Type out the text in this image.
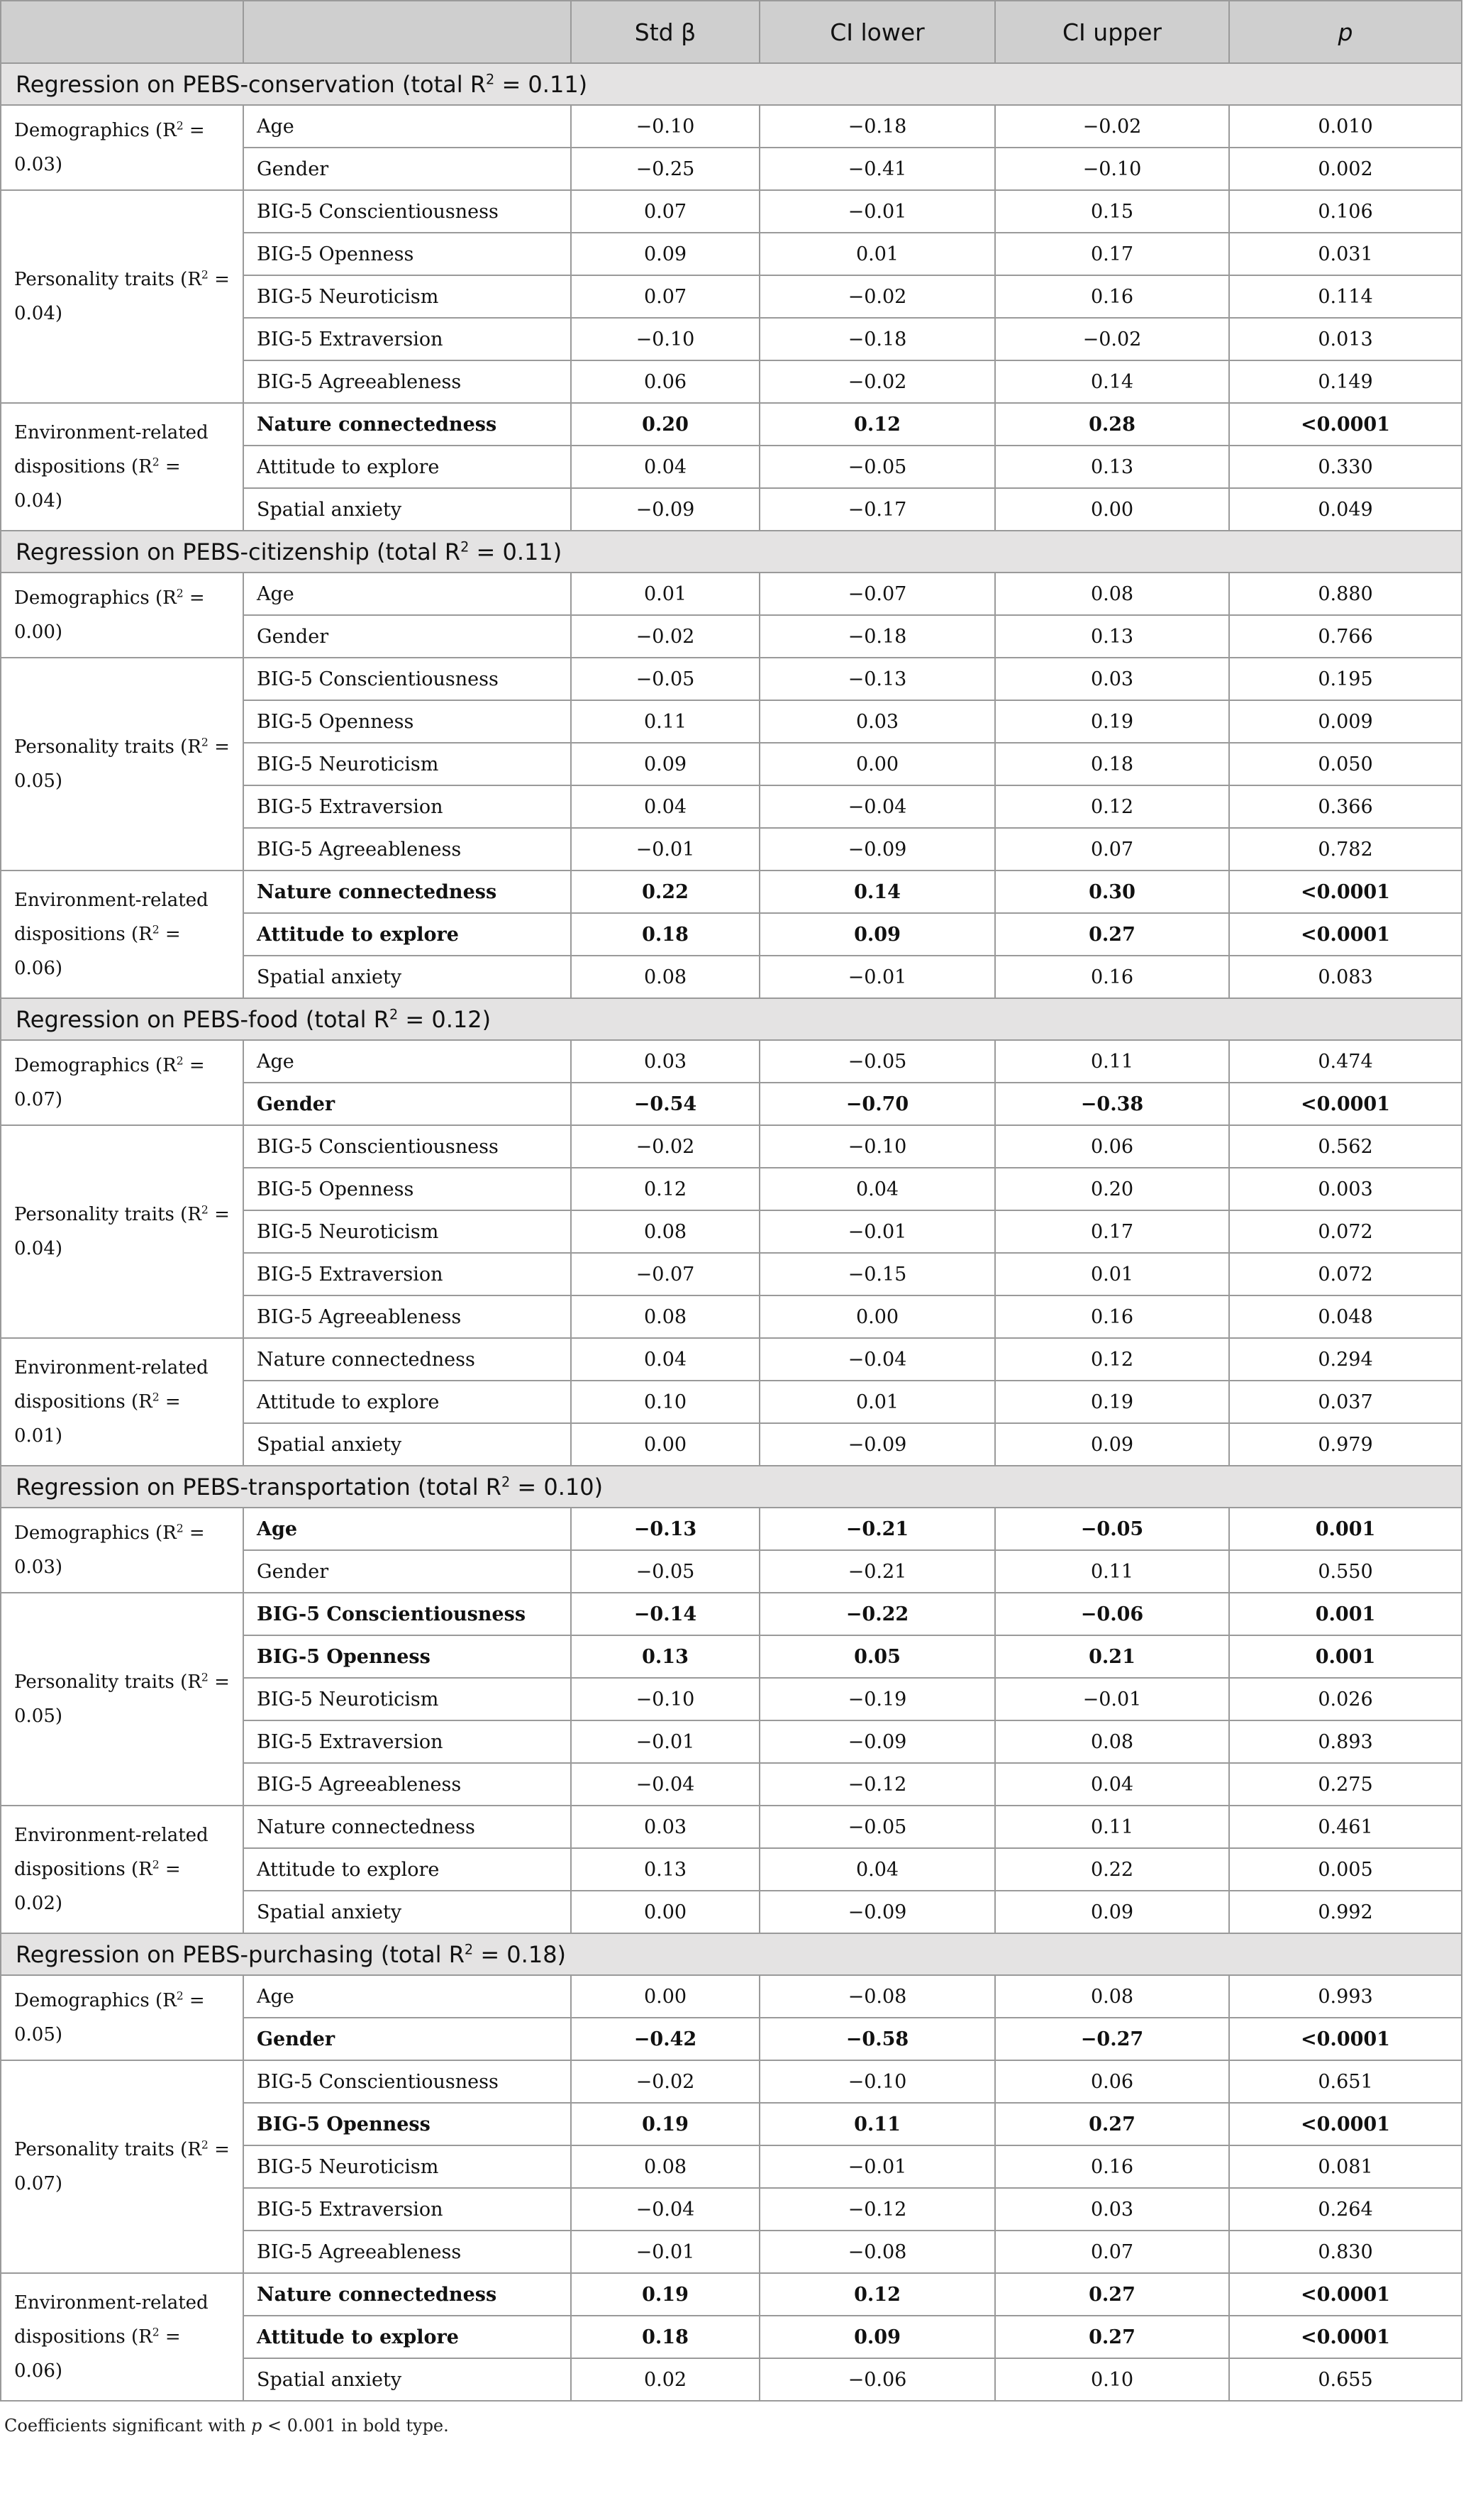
		Std β	CI lower	CI upper	p
Regression on PEBS-conservation (total $R^2 = 0.11$)					
Demographics $(R^2 = 0.03)$	Age	−0.10	−0.18	−0.02	0.010
	Gender	−0.25	−0.41	−0.10	0.002
Personality traits $(R^2 = 0.04)$	BIG-5 Conscientiousness	0.07	−0.01	0.15	0.106
	BIG-5 Openness	0.09	0.01	0.17	0.031
	BIG-5 Neuroticism	0.07	−0.02	0.16	0.114
	BIG-5 Extraversion	−0.10	−0.18	−0.02	0.013
	BIG-5 Agreeableness	0.06	−0.02	0.14	0.149
Environment-related dispositions $(R^2 = 0.04)$	Nature connectedness	0.20	0.12	0.28	<0.0001
	Attitude to explore	0.04	−0.05	0.13	0.330
	Spatial anxiety	−0.09	−0.17	0.00	0.049
Regression on PEBS-citizenship (total $R^2 = 0.11$)					
Demographics $(R^2 = 0.00)$	Age	0.01	−0.07	0.08	0.880
	Gender	−0.02	−0.18	0.13	0.766
Personality traits $(R^2 = 0.05)$	BIG-5 Conscientiousness	−0.05	−0.13	0.03	0.195
	BIG-5 Openness	0.11	0.03	0.19	0.009
	BIG-5 Neuroticism	0.09	0.00	0.18	0.050
	BIG-5 Extraversion	0.04	−0.04	0.12	0.366
	BIG-5 Agreeableness	−0.01	−0.09	0.07	0.782
Environment-related dispositions $(R^2 = 0.06)$	Nature connectedness	0.22	0.14	0.30	<0.0001
	Attitude to explore	0.18	0.09	0.27	<0.0001
	Spatial anxiety	0.08	−0.01	0.16	0.083
Regression on PEBS-food (total $R^2 = 0.12$)					
Demographics $(R^2 = 0.07)$	Age	0.03	−0.05	0.11	0.474
	Gender	−0.54	−0.70	−0.38	<0.0001
Personality traits $(R^2 = 0.04)$	BIG-5 Conscientiousness	−0.02	−0.10	0.06	0.562
	BIG-5 Openness	0.12	0.04	0.20	0.003
	BIG-5 Neuroticism	0.08	−0.01	0.17	0.072
	BIG-5 Extraversion	−0.07	−0.15	0.01	0.072
	BIG-5 Agreeableness	0.08	0.00	0.16	0.048
Environment-related dispositions $(R^2 = 0.01)$	Nature connectedness	0.04	−0.04	0.12	0.294
	Attitude to explore	0.10	0.01	0.19	0.037
	Spatial anxiety	0.00	−0.09	0.09	0.979
Regression on PEBS-transportation (total $R^2 = 0.10$)					
Demographics $(R^2 = 0.03)$	Age	−0.13	−0.21	−0.05	0.001
	Gender	−0.05	−0.21	0.11	0.550
Personality traits $(R^2 = 0.05)$	BIG-5 Conscientiousness	−0.14	−0.22	−0.06	0.001
	BIG-5 Openness	0.13	0.05	0.21	0.001
	BIG-5 Neuroticism	−0.10	−0.19	−0.01	0.026
	BIG-5 Extraversion	−0.01	−0.09	0.08	0.893
	BIG-5 Agreeableness	−0.04	−0.12	0.04	0.275
Environment-related dispositions $(R^2 = 0.02)$	Nature connectedness	0.03	−0.05	0.11	0.461
	Attitude to explore	0.13	0.04	0.22	0.005
	Spatial anxiety	0.00	−0.09	0.09	0.992
Regression on PEBS-purchasing (total $R^2 = 0.18$)					
Demographics $(R^2 = 0.05)$	Age	0.00	−0.08	0.08	0.993
	Gender	−0.42	−0.58	−0.27	<0.0001
Personality traits $(R^2 = 0.07)$	BIG-5 Conscientiousness	−0.02	−0.10	0.06	0.651
	BIG-5 Openness	0.19	0.11	0.27	<0.0001
	BIG-5 Neuroticism	0.08	−0.01	0.16	0.081
	BIG-5 Extraversion	−0.04	−0.12	0.03	0.264
	BIG-5 Agreeableness	−0.01	−0.08	0.07	0.830
Environment-related dispositions $(R^2 = 0.06)$	Nature connectedness	0.19	0.12	0.27	<0.0001
	Attitude to explore	0.18	0.09	0.27	<0.0001
	Spatial anxiety	0.02	−0.06	0.10	0.655
Coefficients significant with p < 0.001 in bold type.
